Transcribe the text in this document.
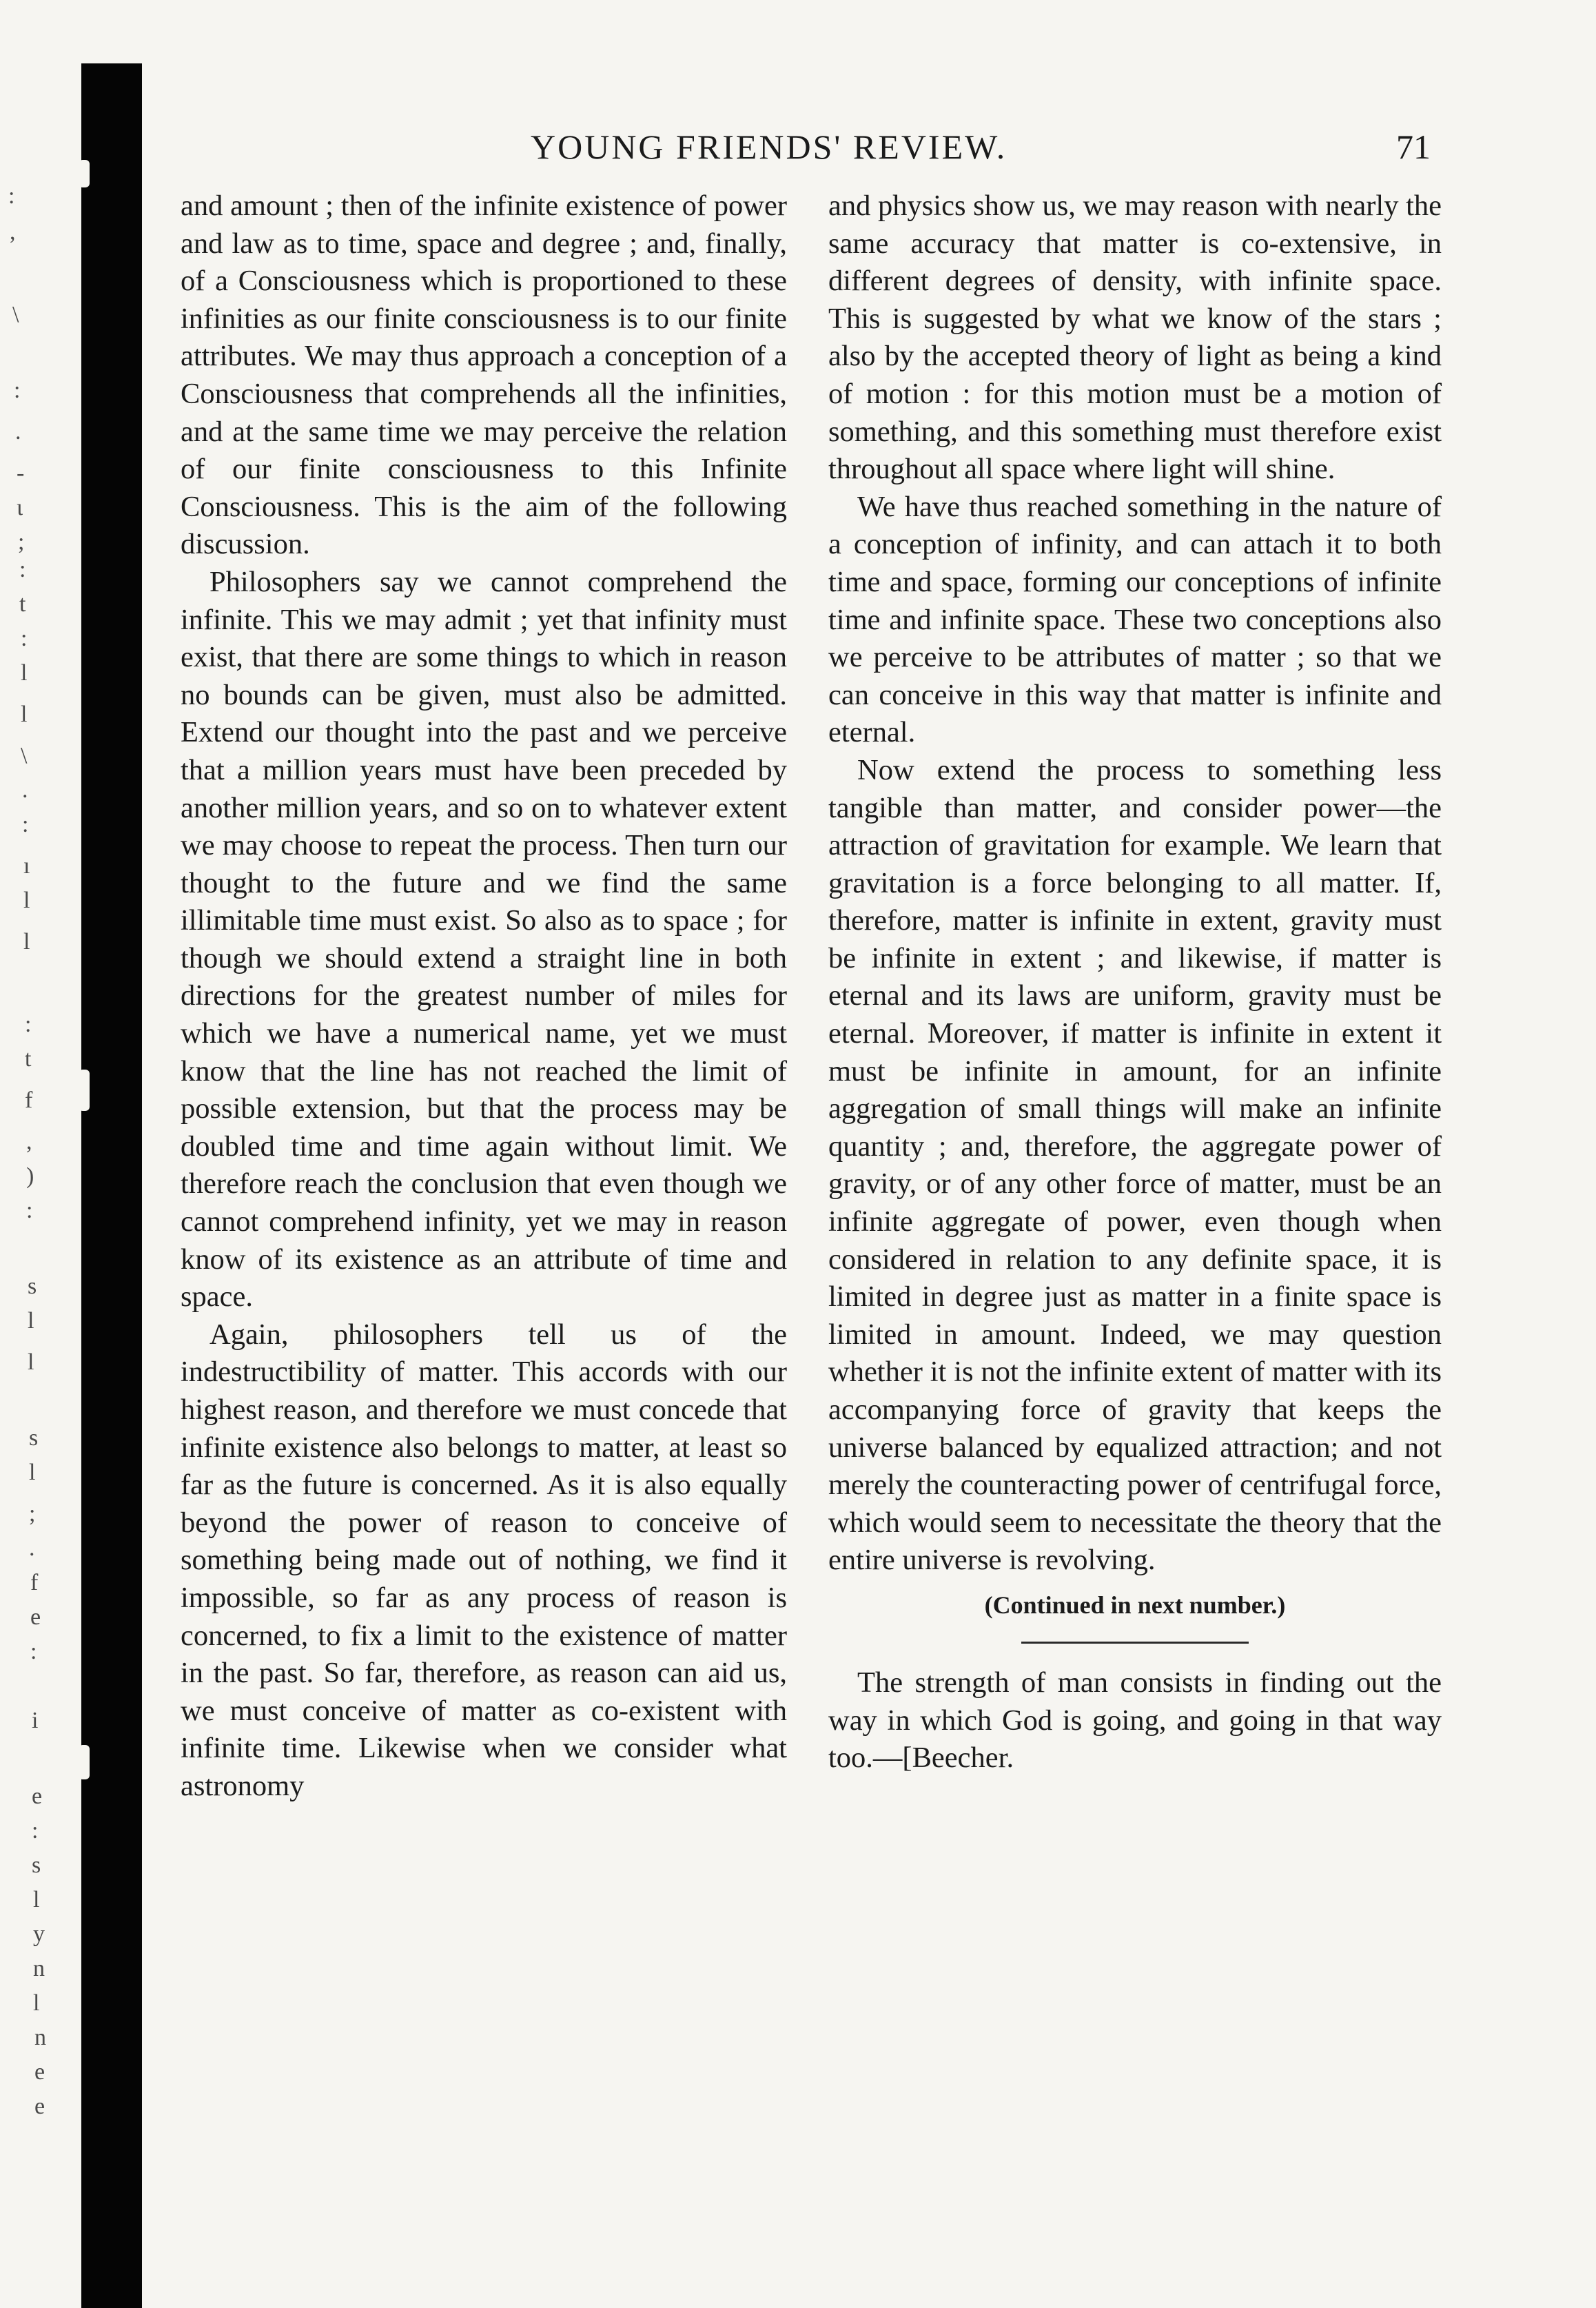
:
,
\
:
.
-
ι
;
:
t
:
l
l
\
.
:
ı
l
l
:
t
f
,
)
:
s
l
l
s
l
;
.
f
e
:
i
e
:
s
l
y
n
l
n
e
e
YOUNG FRIENDS' REVIEW.	71

and amount ; then of the infinite existence of power and law as to time, space and degree ; and, finally, of a Consciousness which is proportioned to these infinities as our finite consciousness is to our finite attributes. We may thus approach a conception of a Consciousness that comprehends all the infinities, and at the same time we may perceive the relation of our finite consciousness to this Infinite Consciousness. This is the aim of the following discussion.

Philosophers say we cannot comprehend the infinite. This we may admit ; yet that infinity must exist, that there are some things to which in reason no bounds can be given, must also be admitted. Extend our thought into the past and we perceive that a million years must have been preceded by another million years, and so on to whatever extent we may choose to repeat the process. Then turn our thought to the future and we find the same illimitable time must exist. So also as to space ; for though we should extend a straight line in both directions for the greatest number of miles for which we have a numerical name, yet we must know that the line has not reached the limit of possible extension, but that the process may be doubled time and time again without limit. We therefore reach the conclusion that even though we cannot comprehend infinity, yet we may in reason know of its existence as an attribute of time and space.

Again, philosophers tell us of the indestructibility of matter. This accords with our highest reason, and therefore we must concede that infinite existence also belongs to matter, at least so far as the future is concerned. As it is also equally beyond the power of reason to conceive of something being made out of nothing, we find it impossible, so far as any process of reason is concerned, to fix a limit to the existence of matter in the past. So far, therefore, as reason can aid us, we must conceive of matter as co-existent with infinite time. Likewise when we consider what astronomy

and physics show us, we may reason with nearly the same accuracy that matter is co-extensive, in different degrees of density, with infinite space. This is suggested by what we know of the stars ; also by the accepted theory of light as being a kind of motion : for this motion must be a motion of something, and this something must therefore exist throughout all space where light will shine.

We have thus reached something in the nature of a conception of infinity, and can attach it to both time and space, forming our conceptions of infinite time and infinite space. These two conceptions also we perceive to be attributes of matter ; so that we can conceive in this way that matter is infinite and eternal.

Now extend the process to something less tangible than matter, and consider power—the attraction of gravitation for example. We learn that gravitation is a force belonging to all matter. If, therefore, matter is infinite in extent, gravity must be infinite in extent ; and likewise, if matter is eternal and its laws are uniform, gravity must be eternal. Moreover, if matter is infinite in extent it must be infinite in amount, for an infinite aggregation of small things will make an infinite quantity ; and, therefore, the aggregate power of gravity, or of any other force of matter, must be an infinite aggregate of power, even though when considered in relation to any definite space, it is limited in degree just as matter in a finite space is limited in amount. Indeed, we may question whether it is not the infinite extent of matter with its accompanying force of gravity that keeps the universe balanced by equalized attraction; and not merely the counteracting power of centrifugal force, which would seem to necessitate the theory that the entire universe is revolving.

(Continued in next number.)

The strength of man consists in finding out the way in which God is going, and going in that way too.—[Beecher.
